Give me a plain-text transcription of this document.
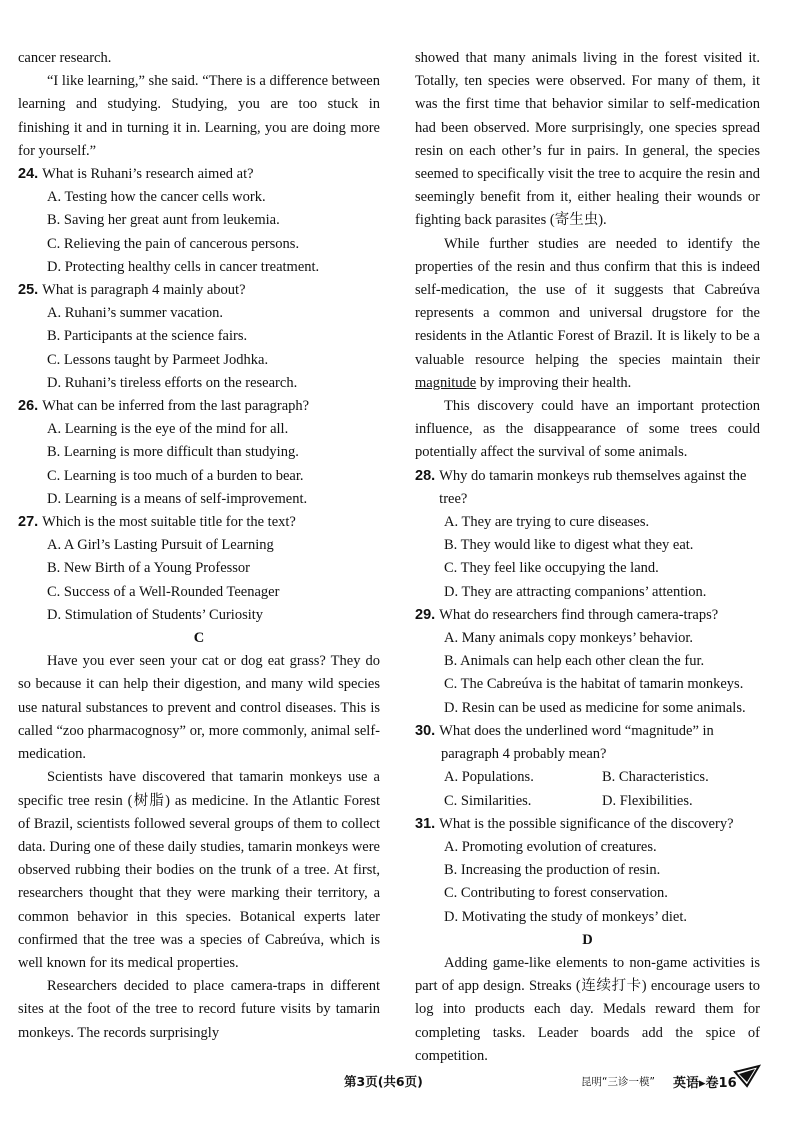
cancer research.

“I like learning,” she said. “There is a difference between learning and studying. Studying, you are too stuck in finishing it and in turning it in. Learning, you are doing more for yourself.”

24. What is Ruhani’s research aimed at?
A. Testing how the cancer cells work.
B. Saving her great aunt from leukemia.
C. Relieving the pain of cancerous persons.
D. Protecting healthy cells in cancer treatment.
25. What is paragraph 4 mainly about?
A. Ruhani’s summer vacation.
B. Participants at the science fairs.
C. Lessons taught by Parmeet Jodhka.
D. Ruhani’s tireless efforts on the research.
26. What can be inferred from the last paragraph?
A. Learning is the eye of the mind for all.
B. Learning is more difficult than studying.
C. Learning is too much of a burden to bear.
D. Learning is a means of self-improvement.
27. Which is the most suitable title for the text?
A. A Girl’s Lasting Pursuit of Learning
B. New Birth of a Young Professor
C. Success of a Well-Rounded Teenager
D. Stimulation of Students’ Curiosity

C

Have you ever seen your cat or dog eat grass? They do so because it can help their digestion, and many wild species use natural substances to prevent and control diseases. This is called “zoo pharmacognosy” or, more commonly, animal self-medication.

Scientists have discovered that tamarin monkeys use a specific tree resin (树脂) as medicine. In the Atlantic Forest of Brazil, scientists followed several groups of them to collect data. During one of these daily studies, tamarin monkeys were observed rubbing their bodies on the trunk of a tree. At first, researchers thought that they were marking their territory, a common behavior in this species. Botanical experts later confirmed that the tree was a species of Cabreúva, which is well known for its medical properties.

Researchers decided to place camera-traps in different sites at the foot of the tree to record future visits by tamarin monkeys. The records surprisingly

showed that many animals living in the forest visited it. Totally, ten species were observed. For many of them, it was the first time that behavior similar to self-medication had been observed. More surprisingly, one species spread resin on each other’s fur in pairs. In general, the species seemed to specifically visit the tree to acquire the resin and seemingly benefit from it, either healing their wounds or fighting back parasites (寄生虫).

While further studies are needed to identify the properties of the resin and thus confirm that this is indeed self-medication, the use of it suggests that Cabreúva represents a common and universal drugstore for the residents in the Atlantic Forest of Brazil. It is likely to be a valuable resource helping the species maintain their magnitude by improving their health.

This discovery could have an important protection influence, as the disappearance of some trees could potentially affect the survival of some animals.

28. Why do tamarin monkeys rub themselves against the tree?
A. They are trying to cure diseases.
B. They would like to digest what they eat.
C. They feel like occupying the land.
D. They are attracting companions’ attention.
29. What do researchers find through camera-traps?
A. Many animals copy monkeys’ behavior.
B. Animals can help each other clean the fur.
C. The Cabreúva is the habitat of tamarin monkeys.
D. Resin can be used as medicine for some animals.
30. What does the underlined word “magnitude” in
paragraph 4 probably mean?
A. Populations.	B. Characteristics.
C. Similarities.	D. Flexibilities.
31. What is the possible significance of the discovery?
A. Promoting evolution of creatures.
B. Increasing the production of resin.
C. Contributing to forest conservation.
D. Motivating the study of monkeys’ diet.

D

Adding game-like elements to non-game activities is part of app design. Streaks (连续打卡) encourage users to log into products each day. Medals reward them for completing tasks. Leader boards add the spice of competition.

第3页(共6页)	昆明“三诊一模” 英语▸卷16
